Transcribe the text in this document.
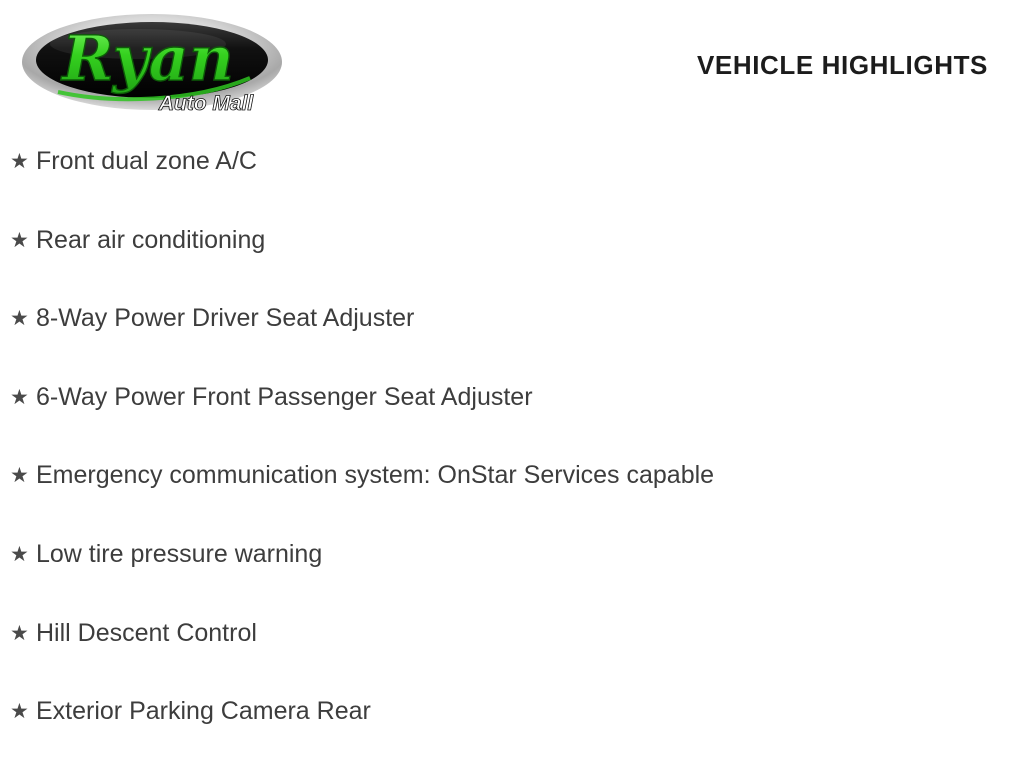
Ryan
Auto Mall
VEHICLE HIGHLIGHTS
★ Front dual zone A/C
★ Rear air conditioning
★ 8-Way Power Driver Seat Adjuster
★ 6-Way Power Front Passenger Seat Adjuster
★ Emergency communication system: OnStar Services capable
★ Low tire pressure warning
★ Hill Descent Control
★ Exterior Parking Camera Rear
